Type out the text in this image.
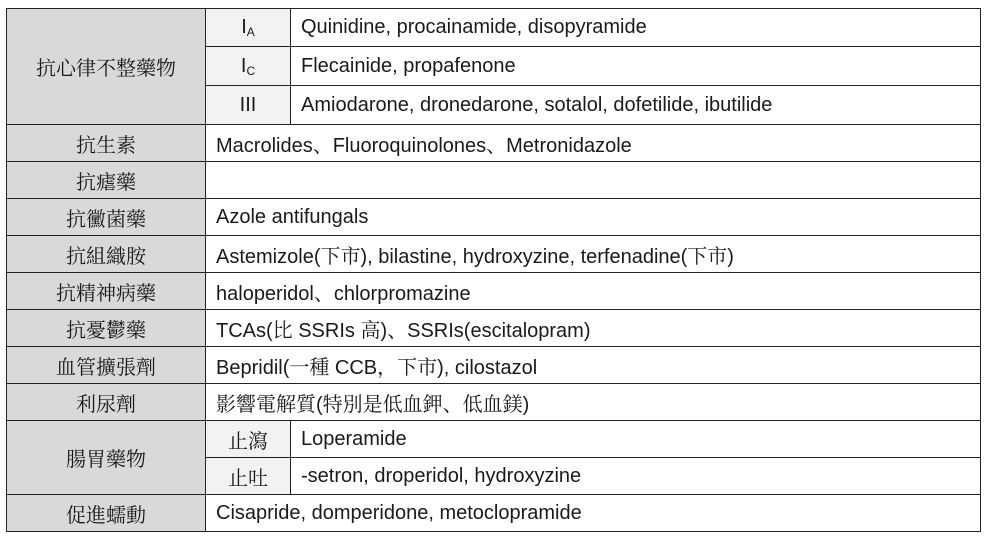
抗心律不整藥物	$I_A$	Quinidine, procainamide, disopyramide
	$I_C$	Flecainide, propafenone
	III	Amiodarone, dronedarone, sotalol, dofetilide, ibutilide
抗生素	Macrolides、Fluoroquinolones、Metronidazole	
抗瘧藥		
抗黴菌藥	Azole antifungals	
抗組織胺	Astemizole(下市), bilastine, hydroxyzine, terfenadine(下市)	
抗精神病藥	haloperidol、chlorpromazine	
抗憂鬱藥	TCAs(比 SSRIs 高)、SSRIs(escitalopram)	
血管擴張劑	Bepridil(一種 CCB，下市), cilostazol	
利尿劑	影響電解質(特別是低血鉀、低血鎂)	
腸胃藥物	止瀉	Loperamide
	止吐	-setron, droperidol, hydroxyzine
促進蠕動	Cisapride, domperidone, metoclopramide	
